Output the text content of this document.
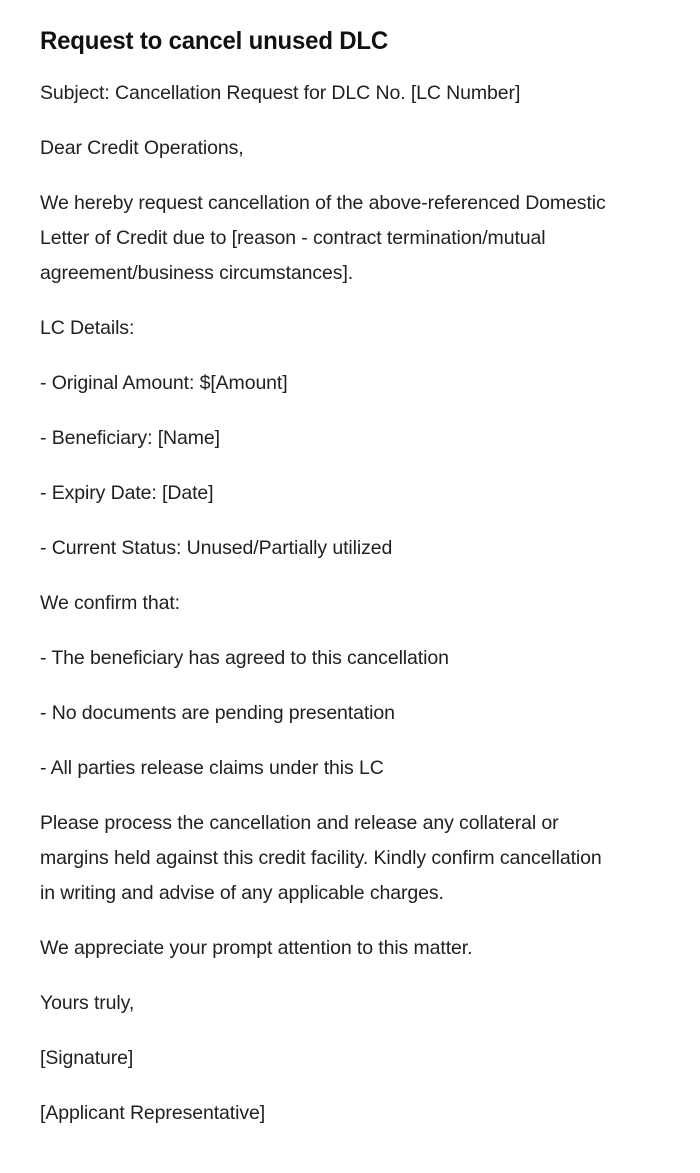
Request to cancel unused DLC

Subject: Cancellation Request for DLC No. [LC Number]

Dear Credit Operations,

We hereby request cancellation of the above-referenced Domestic Letter of Credit due to [reason - contract termination/mutual agreement/business circumstances].

LC Details:

- Original Amount: $[Amount]

- Beneficiary: [Name]

- Expiry Date: [Date]

- Current Status: Unused/Partially utilized

We confirm that:

- The beneficiary has agreed to this cancellation

- No documents are pending presentation

- All parties release claims under this LC

Please process the cancellation and release any collateral or margins held against this credit facility. Kindly confirm cancellation in writing and advise of any applicable charges.

We appreciate your prompt attention to this matter.

Yours truly,

[Signature]

[Applicant Representative]
